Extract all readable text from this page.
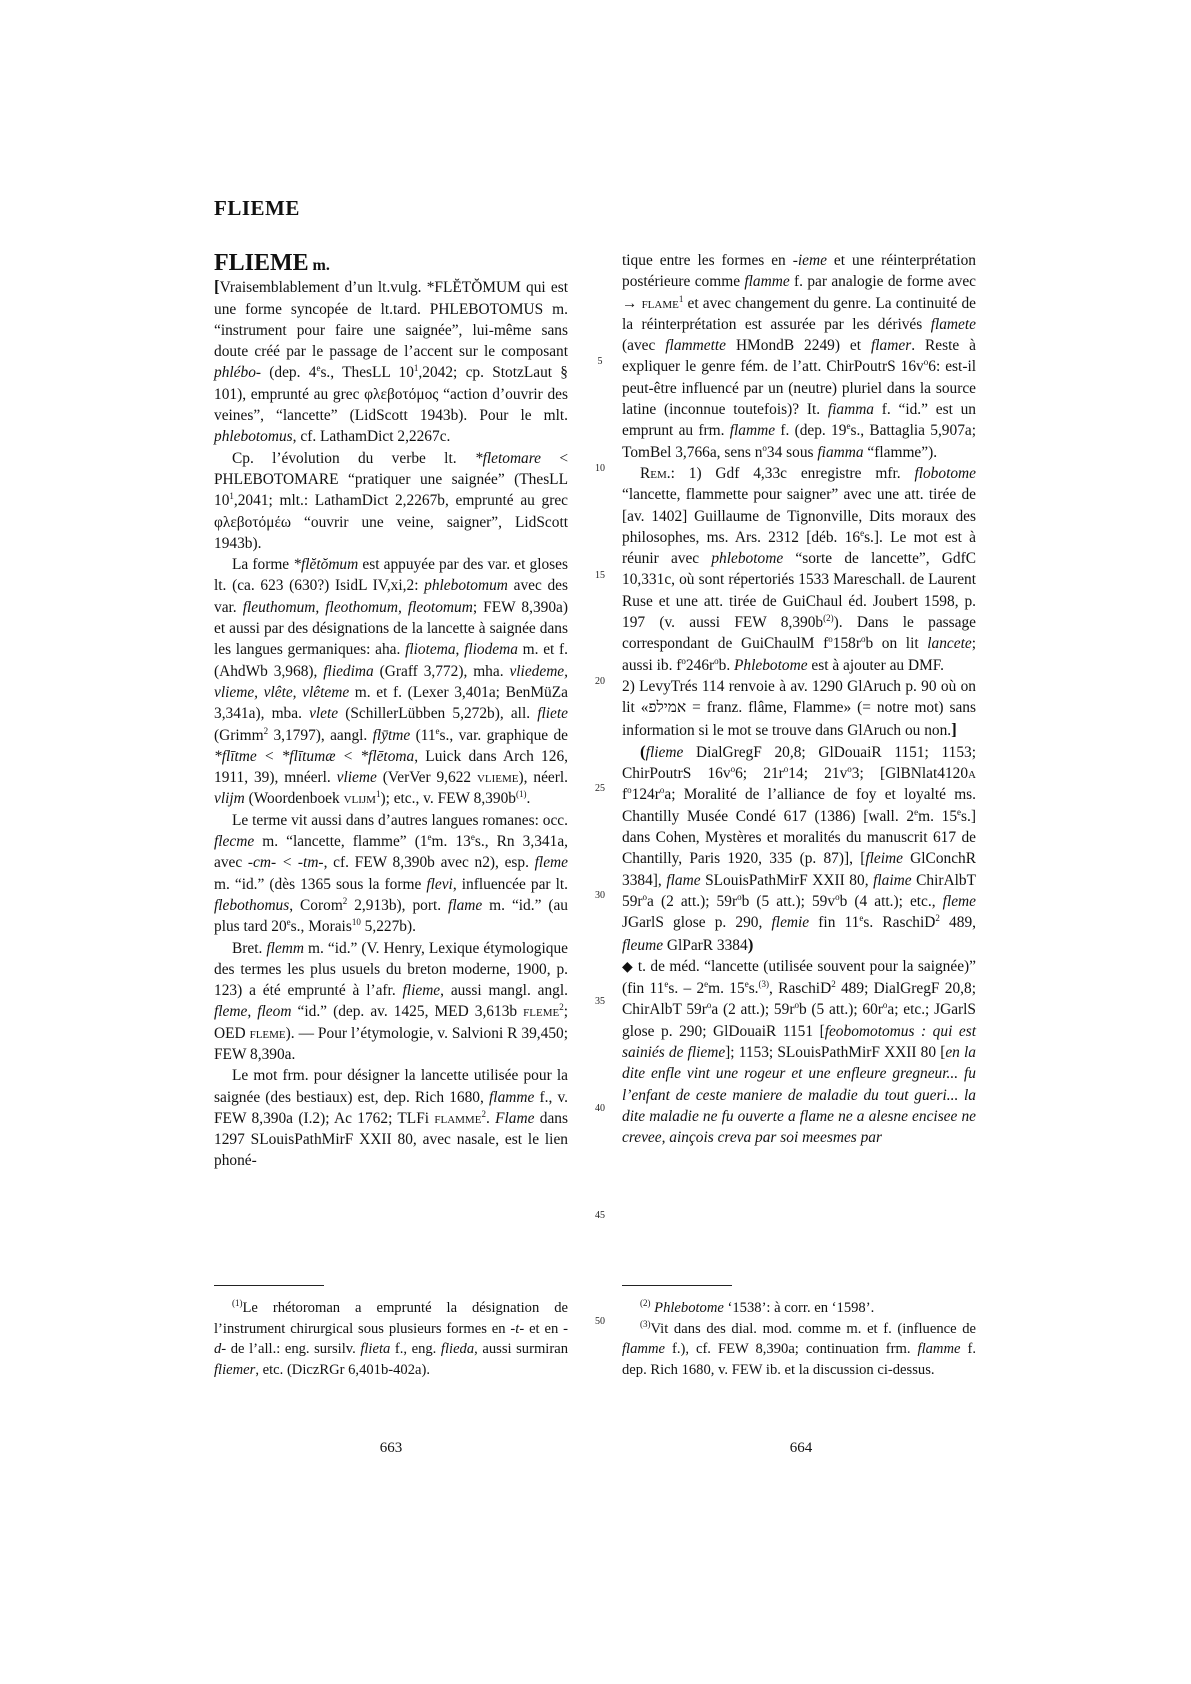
FLIEME

FLIEME m.
[Vraisemblablement d’un lt.vulg. *FLĔTŎMUM qui est une forme syncopée de lt.tard. PHLEBOTOMUS m. “instrument pour faire une saignée”, lui-même sans doute créé par le passage de l’accent sur le composant phlébo- (dep. 4es., ThesLL $10^1,2042$; cp. StotzLaut § 101), emprunté au grec φλεβοτόμος “action d’ouvrir des veines”, “lancette” (LidScott 1943b). Pour le mlt. phlebotomus, cf. LathamDict 2,2267c.

Cp. l’évolution du verbe lt. *fletomare < PHLEBOTOMARE “pratiquer une saignée” (ThesLL $10^1,2041$; mlt.: LathamDict 2,2267b, emprunté au grec φλεβοτόμέω “ouvrir une veine, saigner”, LidScott 1943b).

La forme *flĕtŏmum est appuyée par des var. et gloses lt. (ca. 623 (630?) IsidL IV,xi,2: phlebotomum avec des var. fleuthomum, fleothomum, fleotomum; FEW 8,390a) et aussi par des désignations de la lancette à saignée dans les langues germaniques: aha. fliotema, fliodema m. et f. (AhdWb 3,968), fliedima (Graff 3,772), mha. vliedeme, vlieme, vlête, vlêteme m. et f. (Lexer 3,401a; BenMüZa 3,341a), mba. vlete (SchillerLübben 5,272b), all. fliete (Grimm$^2$ 3,1797), aangl. flȳtme (11es., var. graphique de *flītme < *flītumæ < *flētoma, Luick dans Arch 126, 1911, 39), mnéerl. vlieme (VerVer 9,622 vlieme), néerl. vlijm (Woordenboek vlijm$^1$); etc., v. FEW $8,390b^{(1)}$.

Le terme vit aussi dans d’autres langues romanes: occ. flecme m. “lancette, flamme” (1em. 13es., Rn 3,341a, avec -cm- < -tm-, cf. FEW 8,390b avec n2), esp. fleme m. “id.” (dès 1365 sous la forme flevi, influencée par lt. flebothomus, Corom$^2$ 2,913b), port. flame m. “id.” (au plus tard 20es., Morais$^{10}$ 5,227b).

Bret. flemm m. “id.” (V. Henry, Lexique étymologique des termes les plus usuels du breton moderne, 1900, p. 123) a été emprunté à l’afr. flieme, aussi mangl. angl. fleme, fleom “id.” (dep. av. 1425, MED 3,613b fleme$^2$; OED fleme). — Pour l’étymologie, v. Salvioni R 39,450; FEW 8,390a.

Le mot frm. pour désigner la lancette utilisée pour la saignée (des bestiaux) est, dep. Rich 1680, flamme f., v. FEW 8,390a (I.2); Ac 1762; TLFi flamme$^2$. Flame dans 1297 SLouisPathMirF XXII 80, avec nasale, est le lien phoné-

5
10
15
20
25
30
35
40
45
50

tique entre les formes en -ieme et une réinterprétation postérieure comme flamme f. par analogie de forme avec → flame$^1$ et avec changement du genre. La continuité de la réinterprétation est assurée par les dérivés flamete (avec flammette HMondB 2249) et flamer. Reste à expliquer le genre fém. de l’att. ChirPoutrS $16v^o6$: est-il peut-être influencé par un (neutre) pluriel dans la source latine (inconnue toutefois)? It. fiamma f. “id.” est un emprunt au frm. flamme f. (dep. 19es., Battaglia 5,907a; TomBel 3,766a, sens $n^o34$ sous fiamma “flamme”).

Rem.: 1) Gdf 4,33c enregistre mfr. flobotome “lancette, flammette pour saigner” avec une att. tirée de [av. 1402] Guillaume de Tignonville, Dits moraux des philosophes, ms. Ars. 2312 [déb. 16es.]. Le mot est à réunir avec phlebotome “sorte de lancette”, GdfC 10,331c, où sont répertoriés 1533 Mareschall. de Laurent Ruse et une att. tirée de GuiChaul éd. Joubert 1598, p. 197 (v. aussi FEW $8,390b^{(2)}$). Dans le passage correspondant de GuiChaulM $f^o158r^ob$ on lit lancete; aussi ib. $f^o246r^ob$. Phlebotome est à ajouter au DMF.

2) LevyTrés 114 renvoie à av. 1290 GlAruch p. 90 où on lit «אמילפ = franz. flâme, Flamme» (= notre mot) sans information si le mot se trouve dans GlAruch ou non.]

(flieme DialGregF 20,8; GlDouaiR 1151; 1153; ChirPoutrS $16v^o6$; $21r^o14$; $21v^o3$; [GlBNlat4120a $f^o124r^oa$; Moralité de l’alliance de foy et loyalté ms. Chantilly Musée Condé 617 (1386) [wall. 2em. 15es.] dans Cohen, Mystères et moralités du manuscrit 617 de Chantilly, Paris 1920, 335 (p. 87)], [fleime GlConchR 3384], flame SLouisPathMirF XXII 80, flaime ChirAlbT $59r^oa$ (2 att.); $59r^ob$ (5 att.); $59v^ob$ (4 att.); etc., fleme JGarlS glose p. 290, flemie fin 11es. RaschiD$^2$ 489, fleume GlParR 3384)

◆ t. de méd. “lancette (utilisée souvent pour la saignée)” (fin 11es. – 2em. 15es.$^{(3)}$, RaschiD$^2$ 489; DialGregF 20,8; ChirAlbT $59r^oa$ (2 att.); $59r^ob$ (5 att.); $60r^oa$; etc.; JGarlS glose p. 290; GlDouaiR 1151 [feobomotomus : qui est sainiés de flieme]; 1153; SLouisPathMirF XXII 80 [en la dite enfle vint une rogeur et une enfleure gregneur... fu l’enfant de ceste maniere de maladie du tout gueri... la dite maladie ne fu ouverte a flame ne a alesne encisee ne crevee, ainçois creva par soi meesmes par

$^{(1)}$Le rhétoroman a emprunté la désignation de l’instrument chirurgical sous plusieurs formes en -t- et en -d- de l’all.: eng. sursilv. flieta f., eng. flieda, aussi surmiran fliemer, etc. (DiczRGr 6,401b-402a).

$^{(2)}$ Phlebotome ‘1538’: à corr. en ‘1598’.

$^{(3)}$Vit dans des dial. mod. comme m. et f. (influence de flamme f.), cf. FEW 8,390a; continuation frm. flamme f. dep. Rich 1680, v. FEW ib. et la discussion ci-dessus.

663	664
